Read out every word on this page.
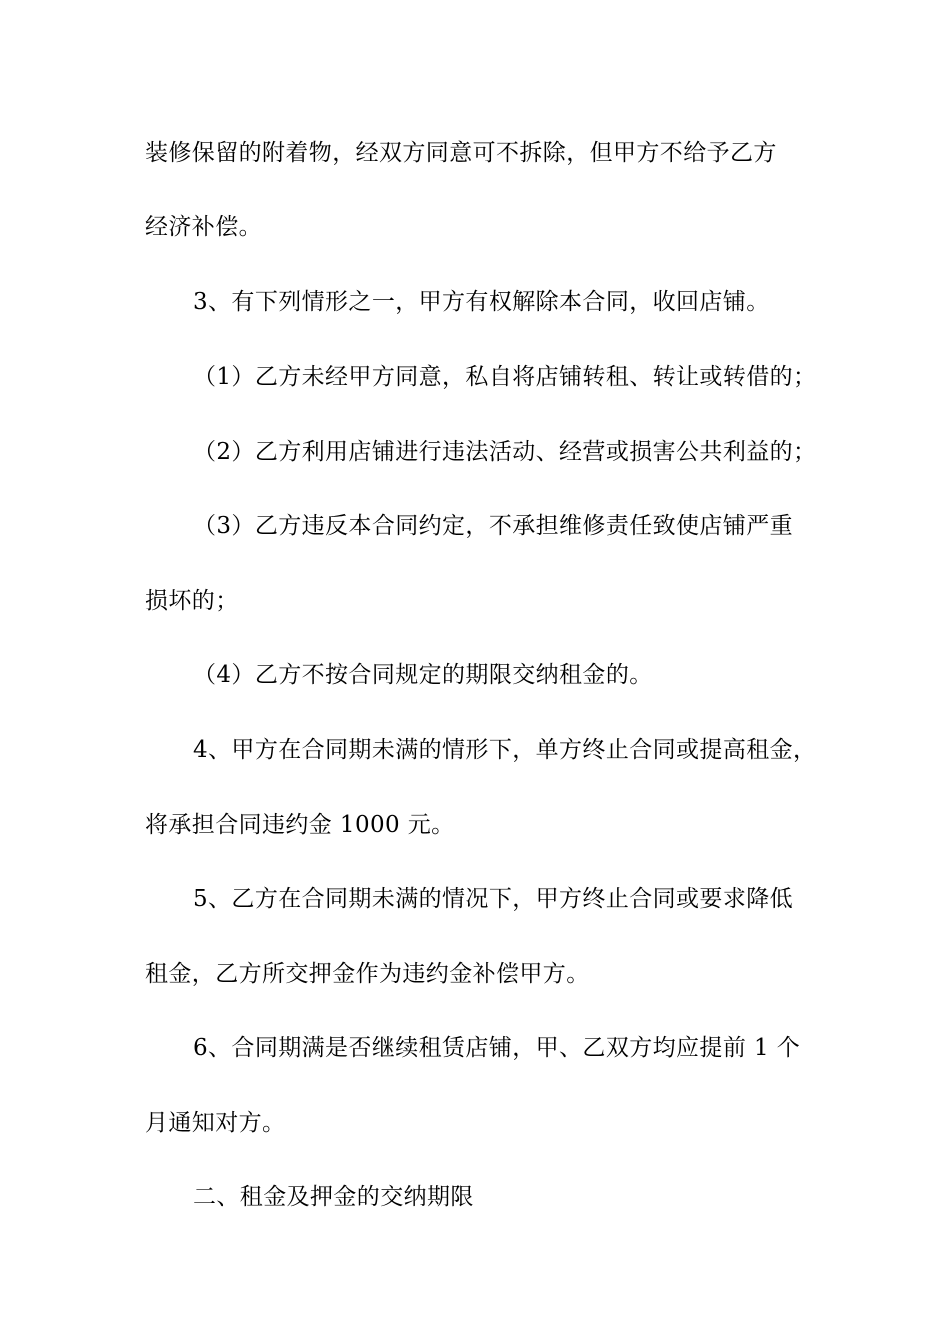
装修保留的附着物，经双方同意可不拆除，但甲方不给予乙方
经济补偿。
3、有下列情形之一，甲方有权解除本合同，收回店铺。
（1）乙方未经甲方同意，私自将店铺转租、转让或转借的；
（2）乙方利用店铺进行违法活动、经营或损害公共利益的；
（3）乙方违反本合同约定，不承担维修责任致使店铺严重
损坏的；
（4）乙方不按合同规定的期限交纳租金的。
4、甲方在合同期未满的情形下，单方终止合同或提高租金，
将承担合同违约金 1000 元。
5、乙方在合同期未满的情况下，甲方终止合同或要求降低
租金，乙方所交押金作为违约金补偿甲方。
6、合同期满是否继续租赁店铺，甲、乙双方均应提前 1 个
月通知对方。
二、租金及押金的交纳期限
